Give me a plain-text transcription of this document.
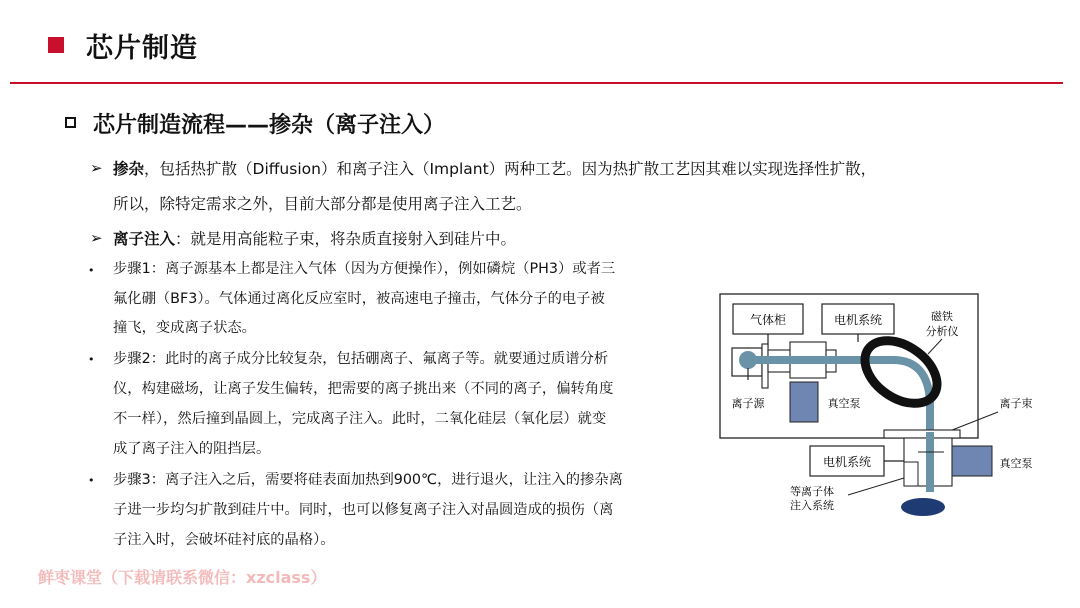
芯片制造
芯片制造流程——掺杂（离子注入）
➢ 掺杂，包括热扩散（Diffusion）和离子注入（Implant）两种工艺。因为热扩散工艺因其难以实现选择性扩散，
所以，除特定需求之外，目前大部分都是使用离子注入工艺。
➢ 离子注入：就是用高能粒子束，将杂质直接射入到硅片中。
• 步骤1：离子源基本上都是注入气体（因为方便操作），例如磷烷（PH3）或者三
氟化硼（BF3）。气体通过离化反应室时，被高速电子撞击，气体分子的电子被
撞飞，变成离子状态。
• 步骤2：此时的离子成分比较复杂，包括硼离子、氟离子等。就要通过质谱分析
仪，构建磁场，让离子发生偏转，把需要的离子挑出来（不同的离子，偏转角度
不一样），然后撞到晶圆上，完成离子注入。此时，二氧化硅层（氧化层）就变
成了离子注入的阻挡层。
• 步骤3：离子注入之后，需要将硅表面加热到900℃，进行退火，让注入的掺杂离
子进一步均匀扩散到硅片中。同时，也可以修复离子注入对晶圆造成的损伤（离
子注入时，会破坏硅衬底的晶格）。
气体柜	电机系统	磁铁
分析仪
离子源	真空泵	离子束
真空泵
电机系统
等离子体
注入系统
鲜枣课堂（下载请联系微信：xzclass）
